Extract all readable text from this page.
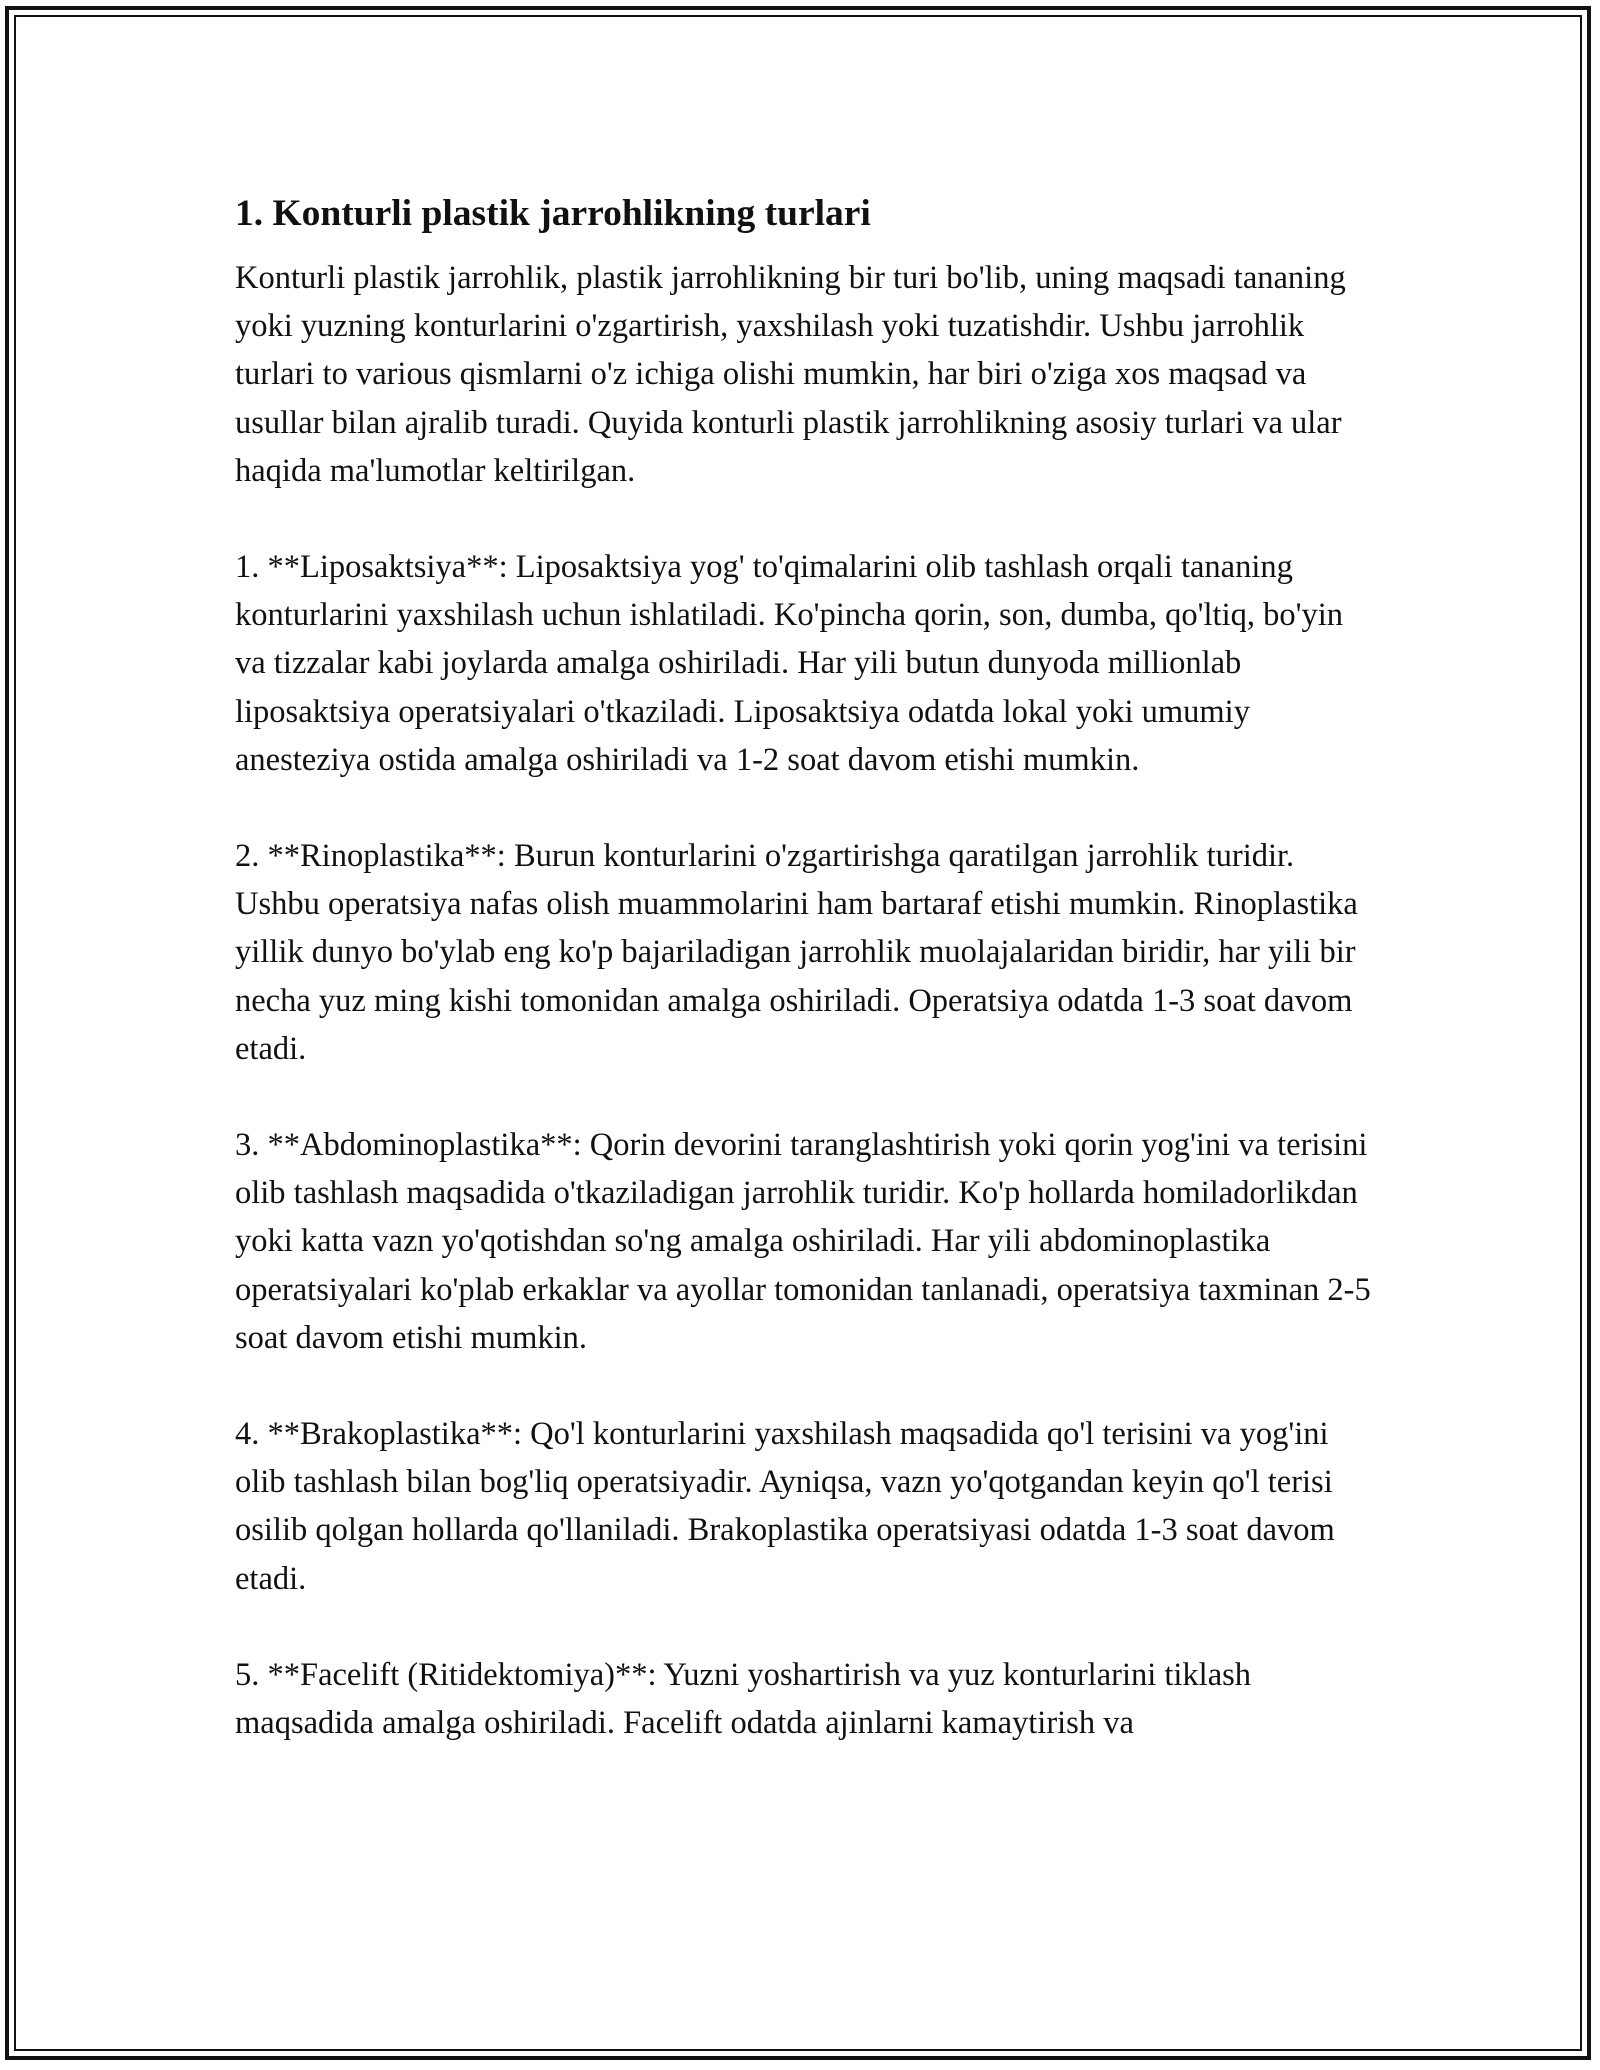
1. Konturli plastik jarrohlikning turlari

Konturli plastik jarrohlik, plastik jarrohlikning bir turi bo'lib, uning maqsadi tananing yoki yuzning konturlarini o'zgartirish, yaxshilash yoki tuzatishdir. Ushbu jarrohlik turlari to various qismlarni o'z ichiga olishi mumkin, har biri o'ziga xos maqsad va usullar bilan ajralib turadi. Quyida konturli plastik jarrohlikning asosiy turlari va ular haqida ma'lumotlar keltirilgan.

1. **Liposaktsiya**: Liposaktsiya yog' to'qimalarini olib tashlash orqali tananing konturlarini yaxshilash uchun ishlatiladi. Ko'pincha qorin, son, dumba, qo'ltiq, bo'yin va tizzalar kabi joylarda amalga oshiriladi. Har yili butun dunyoda millionlab liposaktsiya operatsiyalari o'tkaziladi. Liposaktsiya odatda lokal yoki umumiy anesteziya ostida amalga oshiriladi va 1-2 soat davom etishi mumkin.

2. **Rinoplastika**: Burun konturlarini o'zgartirishga qaratilgan jarrohlik turidir. Ushbu operatsiya nafas olish muammolarini ham bartaraf etishi mumkin. Rinoplastika yillik dunyo bo'ylab eng ko'p bajariladigan jarrohlik muolajalaridan biridir, har yili bir necha yuz ming kishi tomonidan amalga oshiriladi. Operatsiya odatda 1-3 soat davom etadi.

3. **Abdominoplastika**: Qorin devorini taranglashtirish yoki qorin yog'ini va terisini olib tashlash maqsadida o'tkaziladigan jarrohlik turidir. Ko'p hollarda homiladorlikdan yoki katta vazn yo'qotishdan so'ng amalga oshiriladi. Har yili abdominoplastika operatsiyalari ko'plab erkaklar va ayollar tomonidan tanlanadi, operatsiya taxminan 2-5 soat davom etishi mumkin.

4. **Brakoplastika**: Qo'l konturlarini yaxshilash maqsadida qo'l terisini va yog'ini olib tashlash bilan bog'liq operatsiyadir. Ayniqsa, vazn yo'qotgandan keyin qo'l terisi osilib qolgan hollarda qo'llaniladi. Brakoplastika operatsiyasi odatda 1-3 soat davom etadi.

5. **Facelift (Ritidektomiya)**: Yuzni yoshartirish va yuz konturlarini tiklash maqsadida amalga oshiriladi. Facelift odatda ajinlarni kamaytirish va
